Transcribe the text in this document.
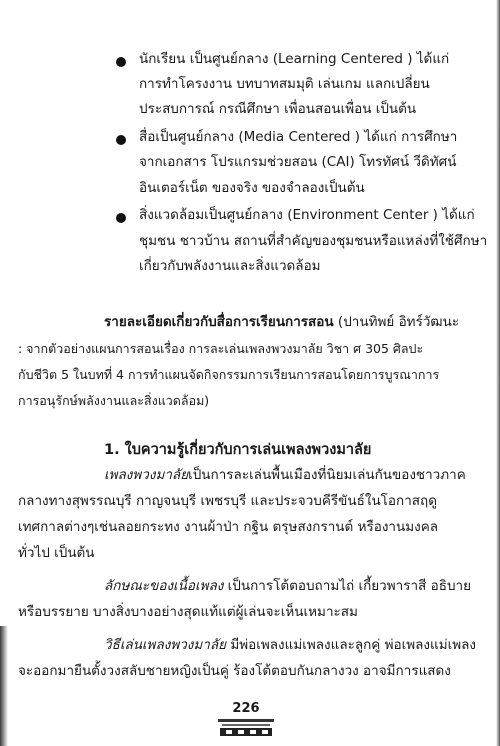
นักเรียน เป็นศูนย์กลาง (Learning Centered ) ได้แก่
การทำโครงงาน บทบาทสมมุติ เล่นเกม แลกเปลี่ยน
ประสบการณ์ กรณีศึกษา เพื่อนสอนเพื่อน เป็นต้น
สื่อเป็นศูนย์กลาง (Media Centered ) ได้แก่ การศึกษา
จากเอกสาร โปรแกรมช่วยสอน (CAI) โทรทัศน์ วีดิทัศน์
อินเตอร์เน็ต ของจริง ของจำลองเป็นต้น
สิ่งแวดล้อมเป็นศูนย์กลาง (Environment Center ) ได้แก่
ชุมชน ชาวบ้าน สถานที่สำคัญของชุมชนหรือแหล่งที่ใช้ศึกษา
เกี่ยวกับพลังงานและสิ่งแวดล้อม
รายละเอียดเกี่ยวกับสื่อการเรียนการสอน (ปานทิพย์ อิทร์วัฒนะ
: จากตัวอย่างแผนการสอนเรื่อง การละเล่นเพลงพวงมาลัย วิชา ศ 305 ศิลปะ
กับชีวิต 5 ในบทที่ 4 การทำแผนจัดกิจกรรมการเรียนการสอนโดยการบูรณาการ
การอนุรักษ์พลังงานและสิ่งแวดล้อม)
1. ใบความรู้เกี่ยวกับการเล่นเพลงพวงมาลัย
เพลงพวงมาลัยเป็นการละเล่นพื้นเมืองที่นิยมเล่นกันของชาวภาค
กลางทางสุพรรณบุรี กาญจนบุรี เพชรบุรี และประจวบคีรีขันธ์ในโอกาสฤดู
เทศกาลต่างๆเช่นลอยกระทง งานผ้าป่า กฐิน ตรุษสงกรานต์ หรืองานมงคล
ทั่วไป เป็นต้น
ลักษณะของเนื้อเพลง เป็นการโต้ตอบถามไถ่ เกี้ยวพาราสี อธิบาย
หรือบรรยาย บางสิ่งบางอย่างสุดแท้แต่ผู้เล่นจะเห็นเหมาะสม
วิธีเล่นเพลงพวงมาลัย มีพ่อเพลงแม่เพลงและลูกคู่ พ่อเพลงแม่เพลง
จะออกมายืนตั้งวงสลับชายหญิงเป็นคู่ ร้องโต้ตอบกันกลางวง อาจมีการแสดง
226
